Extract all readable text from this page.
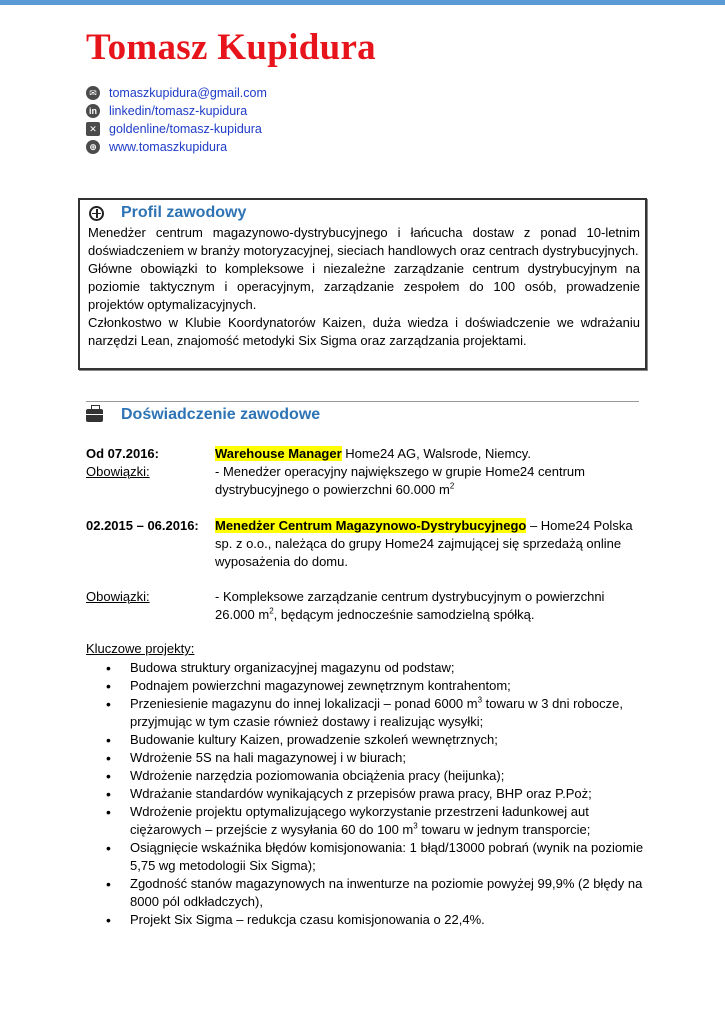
Tomasz Kupidura
✉ tomaszkupidura@gmail.com
in linkedin/tomasz-kupidura
✕ goldenline/tomasz-kupidura
⊕ www.tomaszkupidura
Profil zawodowy

Menedżer centrum magazynowo-dystrybucyjnego i łańcucha dostaw z ponad 10-letnim doświadczeniem w branży motoryzacyjnej, sieciach handlowych oraz centrach dystrybucyjnych.

Główne obowiązki to kompleksowe i niezależne zarządzanie centrum dystrybucyjnym na poziomie taktycznym i operacyjnym, zarządzanie zespołem do 100 osób, prowadzenie projektów optymalizacyjnych.

Członkostwo w Klubie Koordynatorów Kaizen, duża wiedza i doświadczenie we wdrażaniu narzędzi Lean, znajomość metodyki Six Sigma oraz zarządzania projektami.

Doświadczenie zawodowe
Od 07.2016:	Warehouse Manager Home24 AG, Walsrode, Niemcy.
Obowiązki:	- Menedżer operacyjny największego w grupie Home24 centrum dystrybucyjnego o powierzchni 60.000 $m^2$
02.2015 – 06.2016: Menedżer Centrum Magazynowo-Dystrybucyjnego – Home24 Polska sp. z o.o., należąca do grupy Home24 zajmującej się sprzedażą online wyposażenia do domu.
Obowiązki:	- Kompleksowe zarządzanie centrum dystrybucyjnym o powierzchni 26.000 $m^2$, będącym jednocześnie samodzielną spółką.
Kluczowe projekty:
• Budowa struktury organizacyjnej magazynu od podstaw;
• Podnajem powierzchni magazynowej zewnętrznym kontrahentom;
• Przeniesienie magazynu do innej lokalizacji – ponad 6000 $m^3$ towaru w 3 dni robocze, przyjmując w tym czasie również dostawy i realizując wysyłki;
• Budowanie kultury Kaizen, prowadzenie szkoleń wewnętrznych;
• Wdrożenie 5S na hali magazynowej i w biurach;
• Wdrożenie narzędzia poziomowania obciążenia pracy (heijunka);
• Wdrażanie standardów wynikających z przepisów prawa pracy, BHP oraz P.Poż;
• Wdrożenie projektu optymalizującego wykorzystanie przestrzeni ładunkowej aut ciężarowych – przejście z wysyłania 60 do 100 $m^3$ towaru w jednym transporcie;
• Osiągnięcie wskaźnika błędów komisjonowania: 1 błąd/13000 pobrań (wynik na poziomie 5,75 wg metodologii Six Sigma);
• Zgodność stanów magazynowych na inwenturze na poziomie powyżej 99,9% (2 błędy na 8000 pól odkładczych),
• Projekt Six Sigma – redukcja czasu komisjonowania o 22,4%.
